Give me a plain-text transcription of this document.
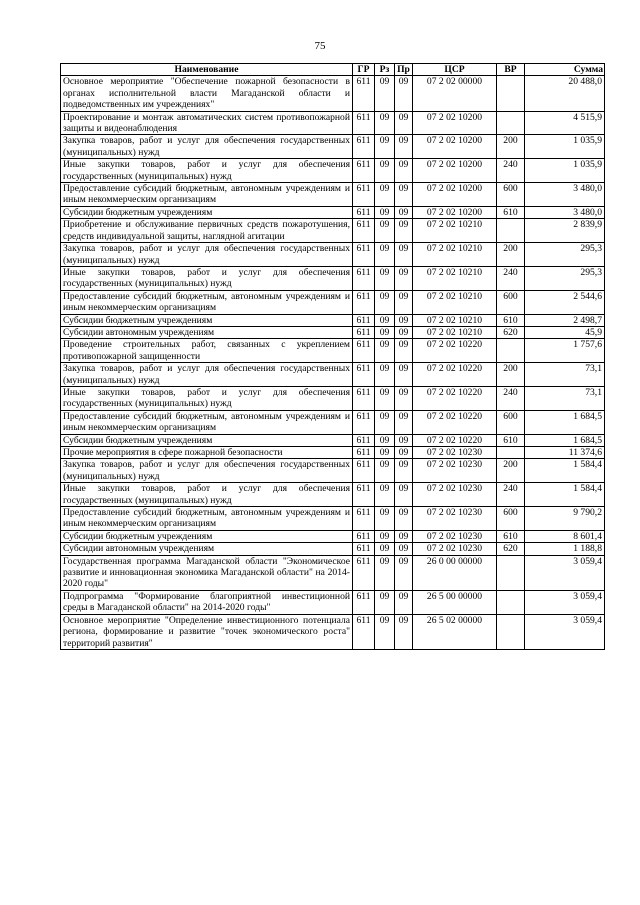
75
Наименование	ГР	Рз	Пр	ЦСР	ВР	Сумма
Основное мероприятие "Обеспечение пожарной безопасности в органах исполнительной власти Магаданской области и подведомственных им учреждениях"	611	09	09	07 2 02 00000		20 488,0
Проектирование и монтаж автоматических систем противопожарной защиты и видеонаблюдения	611	09	09	07 2 02 10200		4 515,9
Закупка товаров, работ и услуг для обеспечения государственных (муниципальных) нужд	611	09	09	07 2 02 10200	200	1 035,9
Иные закупки товаров, работ и услуг для обеспечения государственных (муниципальных) нужд	611	09	09	07 2 02 10200	240	1 035,9
Предоставление субсидий бюджетным, автономным учреждениям и иным некоммерческим организациям	611	09	09	07 2 02 10200	600	3 480,0
Субсидии бюджетным учреждениям	611	09	09	07 2 02 10200	610	3 480,0
Приобретение и обслуживание первичных средств пожаротушения, средств индивидуальной защиты, наглядной агитации	611	09	09	07 2 02 10210		2 839,9
Закупка товаров, работ и услуг для обеспечения государственных (муниципальных) нужд	611	09	09	07 2 02 10210	200	295,3
Иные закупки товаров, работ и услуг для обеспечения государственных (муниципальных) нужд	611	09	09	07 2 02 10210	240	295,3
Предоставление субсидий бюджетным, автономным учреждениям и иным некоммерческим организациям	611	09	09	07 2 02 10210	600	2 544,6
Субсидии бюджетным учреждениям	611	09	09	07 2 02 10210	610	2 498,7
Субсидии автономным учреждениям	611	09	09	07 2 02 10210	620	45,9
Проведение строительных работ, связанных с укреплением противопожарной защищенности	611	09	09	07 2 02 10220		1 757,6
Закупка товаров, работ и услуг для обеспечения государственных (муниципальных) нужд	611	09	09	07 2 02 10220	200	73,1
Иные закупки товаров, работ и услуг для обеспечения государственных (муниципальных) нужд	611	09	09	07 2 02 10220	240	73,1
Предоставление субсидий бюджетным, автономным учреждениям и иным некоммерческим организациям	611	09	09	07 2 02 10220	600	1 684,5
Субсидии бюджетным учреждениям	611	09	09	07 2 02 10220	610	1 684,5
Прочие мероприятия в сфере пожарной безопасности	611	09	09	07 2 02 10230		11 374,6
Закупка товаров, работ и услуг для обеспечения государственных (муниципальных) нужд	611	09	09	07 2 02 10230	200	1 584,4
Иные закупки товаров, работ и услуг для обеспечения государственных (муниципальных) нужд	611	09	09	07 2 02 10230	240	1 584,4
Предоставление субсидий бюджетным, автономным учреждениям и иным некоммерческим организациям	611	09	09	07 2 02 10230	600	9 790,2
Субсидии бюджетным учреждениям	611	09	09	07 2 02 10230	610	8 601,4
Субсидии автономным учреждениям	611	09	09	07 2 02 10230	620	1 188,8
Государственная программа Магаданской области "Экономическое развитие и инновационная экономика Магаданской области" на 2014-2020 годы"	611	09	09	26 0 00 00000		3 059,4
Подпрограмма "Формирование благоприятной инвестиционной среды в Магаданской области" на 2014-2020 годы"	611	09	09	26 5 00 00000		3 059,4
Основное мероприятие "Определение инвестиционного потенциала региона, формирование и развитие "точек экономического роста" территорий развития"	611	09	09	26 5 02 00000		3 059,4
